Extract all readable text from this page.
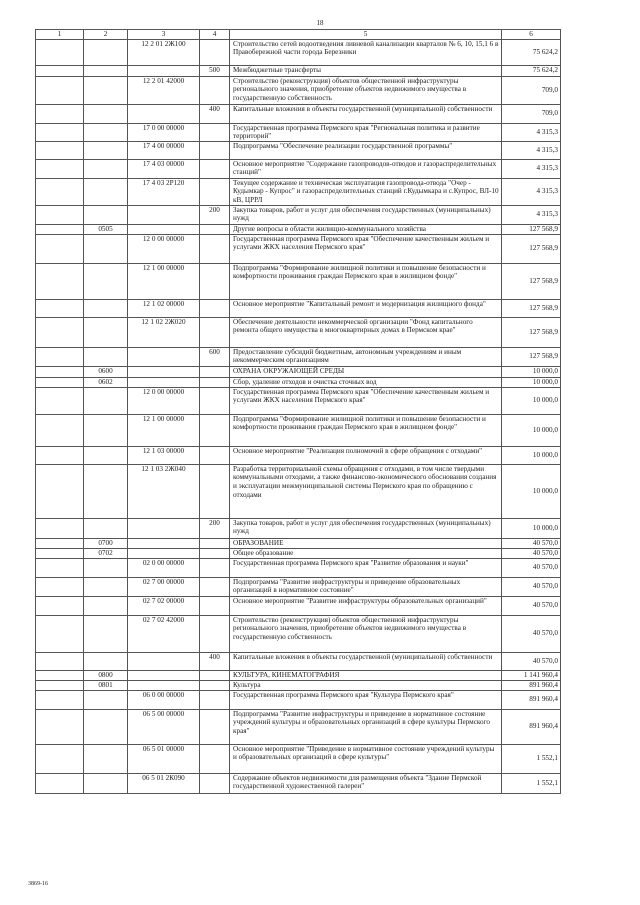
18
1	2	3	4	5	6
		12 2 01 2Ж100		Строительство сетей водоотведения ливневой канализации кварталов № 6, 10, 15,1 6 в Правобережной части города Березники	75 624,2
			500	Межбюджетные трансферты	75 624,2
		12 2 01 42000		Строительство (реконструкция) объектов общественной инфраструктуры регионального значения, приобретение объектов недвижимого имущества в государственную собственность	709,0
			400	Капитальные вложения в объекты государственной (муниципальной) собственности	709,0
		17 0 00 00000		Государственная программа Пермского края "Региональная политика и развитие территорий"	4 315,3
		17 4 00 00000		Подпрограмма "Обеспечение реализации государственной программы"	4 315,3
		17 4 03 00000		Основное мероприятие "Содержание газопроводов-отводов и газораспределительных станций"	4 315,3
		17 4 03 2Р120		Текущее содержание и техническая эксплуатация газопровода-отвода "Очер - Кудымкар - Купрос" и газораспределительных станций г.Кудымкара и с.Купрос, ВЛ-10 кВ, ЦРРЛ	4 315,3
			200	Закупка товаров, работ и услуг для обеспечения государственных (муниципальных) нужд	4 315,3
	0505			Другие вопросы в области жилищно-коммунального хозяйства	127 568,9
		12 0 00 00000		Государственная программа Пермского края "Обеспечение качественным жильем и услугами ЖКХ населения Пермского края"	127 568,9
		12 1 00 00000		Подпрограмма "Формирование жилищной политики и повышение безопасности и комфортности проживания граждан Пермского края в жилищном фонде"	127 568,9
		12 1 02 00000		Основное мероприятие "Капитальный ремонт и модернизация жилищного фонда"	127 568,9
		12 1 02 2Ж020		Обеспечение деятельности некоммерческой организации "Фонд капитального ремонта общего имущества в многоквартирных домах в Пермском крае"	127 568,9
			600	Предоставление субсидий бюджетным, автономным учреждениям и иным некоммерческим организациям	127 568,9
	0600			ОХРАНА ОКРУЖАЮЩЕЙ СРЕДЫ	10 000,0
	0602			Сбор, удаление отходов и очистка сточных вод	10 000,0
		12 0 00 00000		Государственная программа Пермского края "Обеспечение качественным жильем и услугами ЖКХ населения Пермского края"	10 000,0
		12 1 00 00000		Подпрограмма "Формирование жилищной политики и повышение безопасности и комфортности проживания граждан Пермского края в жилищном фонде"	10 000,0
		12 1 03 00000		Основное мероприятие "Реализация полномочий в сфере обращения с отходами"	10 000,0
		12 1 03 2Ж040		Разработка территориальной схемы обращения с отходами, в том числе твердыми коммунальными отходами, а также финансово-экономического обоснования создания и эксплуатации межмуниципальной системы Пермского края по обращению с отходами	10 000,0
			200	Закупка товаров, работ и услуг для обеспечения государственных (муниципальных) нужд	10 000,0
	0700			ОБРАЗОВАНИЕ	40 570,0
	0702			Общее образование	40 570,0
		02 0 00 00000		Государственная программа Пермского края "Развитие образования и науки"	40 570,0
		02 7 00 00000		Подпрограмма "Развитие инфраструктуры и приведение образовательных организаций в нормативное состояние"	40 570,0
		02 7 02 00000		Основное мероприятие "Развитие инфраструктуры образовательных организаций"	40 570,0
		02 7 02 42000		Строительство (реконструкция) объектов общественной инфраструктуры регионального значения, приобретение объектов недвижимого имущества в государственную собственность	40 570,0
			400	Капитальные вложения в объекты государственной (муниципальной) собственности	40 570,0
	0800			КУЛЬТУРА, КИНЕМАТОГРАФИЯ	1 141 960,4
	0801			Культура	891 960,4
		06 0 00 00000		Государственная программа Пермского края "Культура Пермского края"	891 960,4
		06 5 00 00000		Подпрограмма "Развитие инфраструктуры и приведение в нормативное состояние учреждений культуры и образовательных организаций в сфере культуры Пермского края"	891 960,4
		06 5 01 00000		Основное мероприятие "Приведение в нормативное состояние учреждений культуры и образовательных организаций в сфере культуры"	1 552,1
		06 5 01 2К090		Содержание объектов недвижимости для размещения объекта "Здание Пермской государственной художественной галереи"	1 552,1
3869-16
